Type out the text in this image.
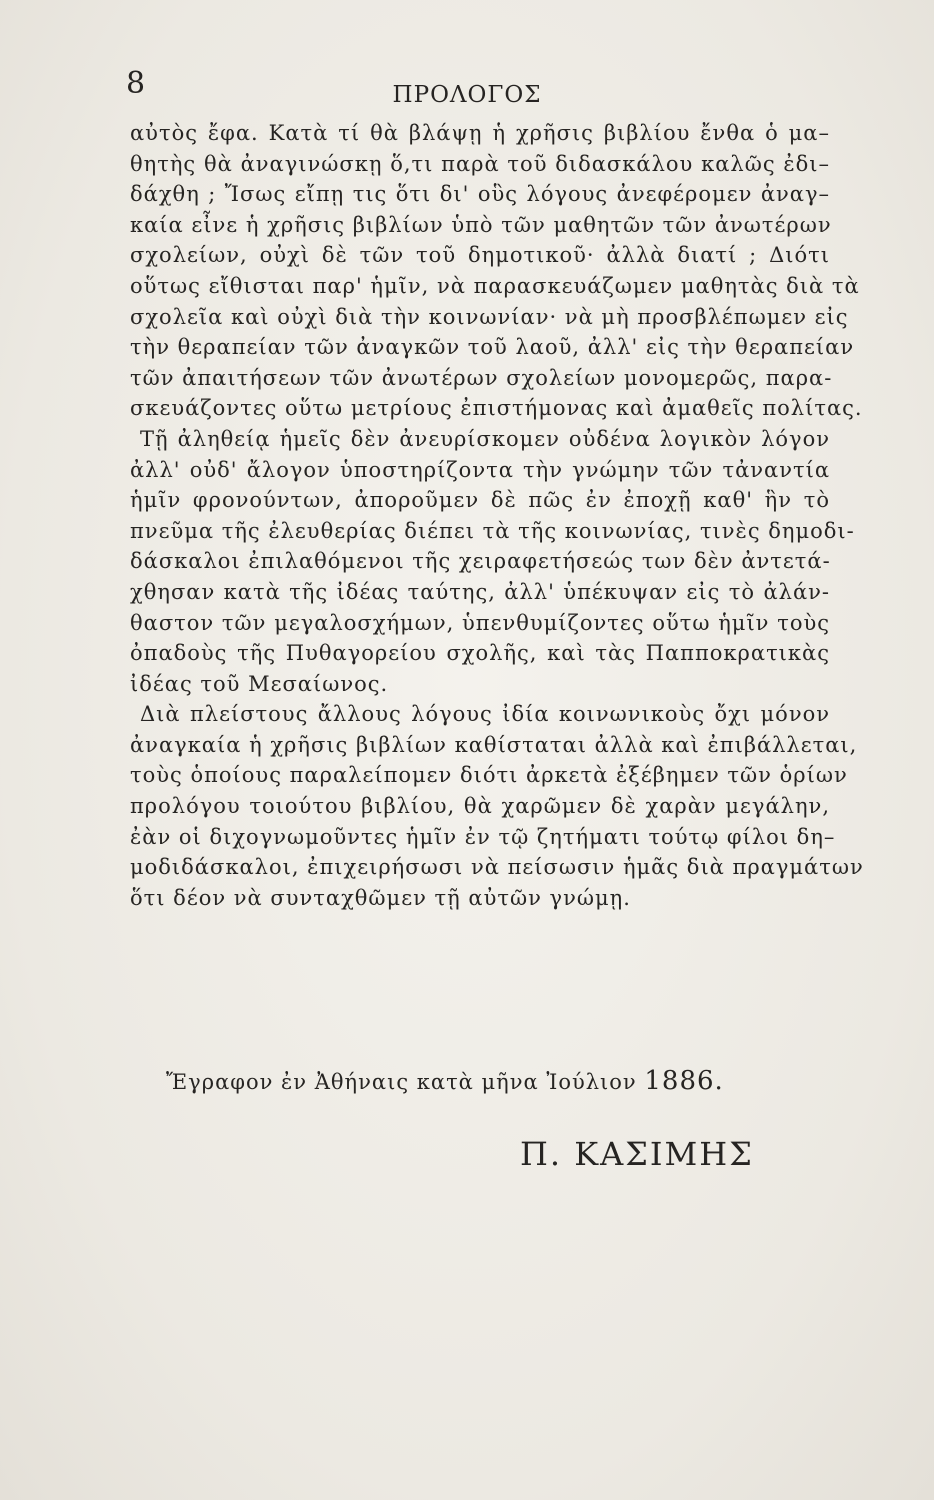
8	ΠΡΟΛΟΓΟΣ
αὐτὸς ἔφα. Κατὰ τί θὰ βλάψῃ ἡ χρῆσις βιβλίου ἔνθα ὁ μα–
θητὴς θὰ ἀναγινώσκῃ ὅ,τι παρὰ τοῦ διδασκάλου καλῶς ἐδι–
δάχθη ; Ἴσως εἴπῃ τις ὅτι δι' οὓς λόγους ἀνεφέρομεν ἀναγ–
καία εἶνε ἡ χρῆσις βιβλίων ὑπὸ τῶν μαθητῶν τῶν ἀνωτέρων
σχολείων, οὐχὶ δὲ τῶν τοῦ δημοτικοῦ· ἀλλὰ διατί ; Διότι
οὕτως εἴθισται παρ' ἡμῖν, νὰ παρασκευάζωμεν μαθητὰς διὰ τὰ
σχολεῖα καὶ οὐχὶ διὰ τὴν κοινωνίαν· νὰ μὴ προσβλέπωμεν εἰς
τὴν θεραπείαν τῶν ἀναγκῶν τοῦ λαοῦ, ἀλλ' εἰς τὴν θεραπείαν
τῶν ἀπαιτήσεων τῶν ἀνωτέρων σχολείων μονομερῶς, παρα-
σκευάζοντες οὕτω μετρίους ἐπιστήμονας καὶ ἀμαθεῖς πολίτας.
Τῇ ἀληθείᾳ ἡμεῖς δὲν ἀνευρίσκομεν οὐδένα λογικὸν λόγον
ἀλλ' οὐδ' ἄλογον ὑποστηρίζοντα τὴν γνώμην τῶν τἀναντία
ἡμῖν φρονούντων, ἀποροῦμεν δὲ πῶς ἐν ἐποχῇ καθ' ἣν τὸ
πνεῦμα τῆς ἐλευθερίας διέπει τὰ τῆς κοινωνίας, τινὲς δημοδι-
δάσκαλοι ἐπιλαθόμενοι τῆς χειραφετήσεώς των δὲν ἀντετά-
χθησαν κατὰ τῆς ἰδέας ταύτης, ἀλλ' ὑπέκυψαν εἰς τὸ ἀλάν-
θαστον τῶν μεγαλοσχήμων, ὑπενθυμίζοντες οὕτω ἡμῖν τοὺς
ὀπαδοὺς τῆς Πυθαγορείου σχολῆς, καὶ τὰς Παπποκρατικὰς
ἰδέας τοῦ Μεσαίωνος.
Διὰ πλείστους ἄλλους λόγους ἰδία κοινωνικοὺς ὄχι μόνον
ἀναγκαία ἡ χρῆσις βιβλίων καθίσταται ἀλλὰ καὶ ἐπιβάλλεται,
τοὺς ὁποίους παραλείπομεν διότι ἀρκετὰ ἐξέβημεν τῶν ὁρίων
προλόγου τοιούτου βιβλίου, θὰ χαρῶμεν δὲ χαρὰν μεγάλην,
ἐὰν οἱ διχογνωμοῦντες ἡμῖν ἐν τῷ ζητήματι τούτῳ φίλοι δη–
μοδιδάσκαλοι, ἐπιχειρήσωσι νὰ πείσωσιν ἡμᾶς διὰ πραγμάτων
ὅτι δέον νὰ συνταχθῶμεν τῇ αὐτῶν γνώμῃ.
Ἔγραφον ἐν Ἀθήναις κατὰ μῆνα Ἰούλιον 1886.
Π. ΚΑΣΙΜΗΣ
